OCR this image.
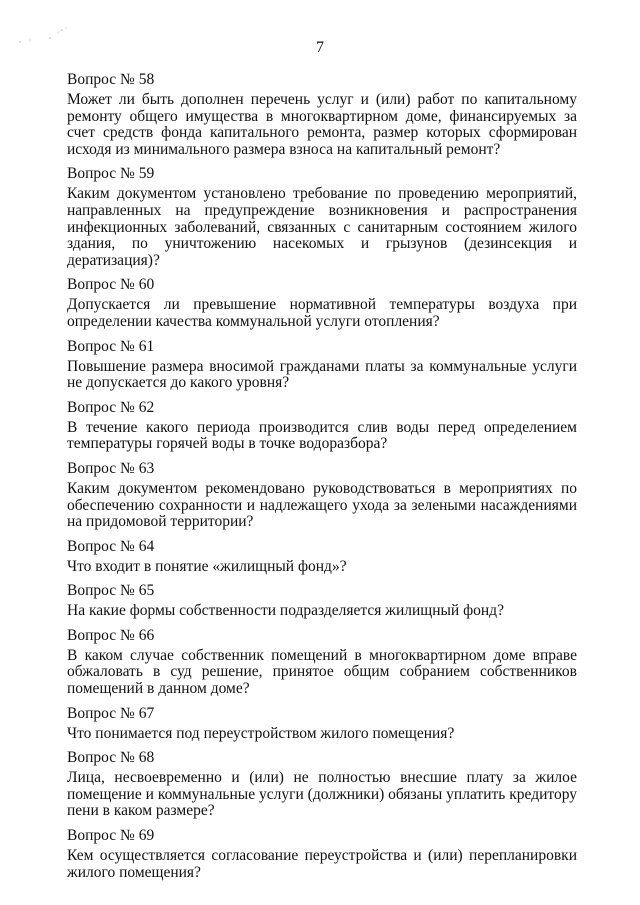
7
Вопрос № 58

Может ли быть дополнен перечень услуг и (или) работ по капитальному ремонту общего имущества в многоквартирном доме, финансируемых за счет средств фонда капитального ремонта, размер которых сформирован исходя из минимального размера взноса на капитальный ремонт?

Вопрос № 59

Каким документом установлено требование по проведению мероприятий, направленных на предупреждение возникновения и распространения инфекционных заболеваний, связанных с санитарным состоянием жилого здания, по уничтожению насекомых и грызунов (дезинсекция и дератизация)?

Вопрос № 60

Допускается ли превышение нормативной температуры воздуха при определении качества коммунальной услуги отопления?

Вопрос № 61

Повышение размера вносимой гражданами платы за коммунальные услуги не допускается до какого уровня?

Вопрос № 62

В течение какого периода производится слив воды перед определением температуры горячей воды в точке водоразбора?

Вопрос № 63

Каким документом рекомендовано руководствоваться в мероприятиях по обеспечению сохранности и надлежащего ухода за зелеными насаждениями на придомовой территории?

Вопрос № 64

Что входит в понятие «жилищный фонд»?

Вопрос № 65

На какие формы собственности подразделяется жилищный фонд?

Вопрос № 66

В каком случае собственник помещений в многоквартирном доме вправе обжаловать в суд решение, принятое общим собранием собственников помещений в данном доме?

Вопрос № 67

Что понимается под переустройством жилого помещения?

Вопрос № 68

Лица, несвоевременно и (или) не полностью внесшие плату за жилое помещение и коммунальные услуги (должники) обязаны уплатить кредитору пени в каком размере?

Вопрос № 69

Кем осуществляется согласование переустройства и (или) перепланировки жилого помещения?
